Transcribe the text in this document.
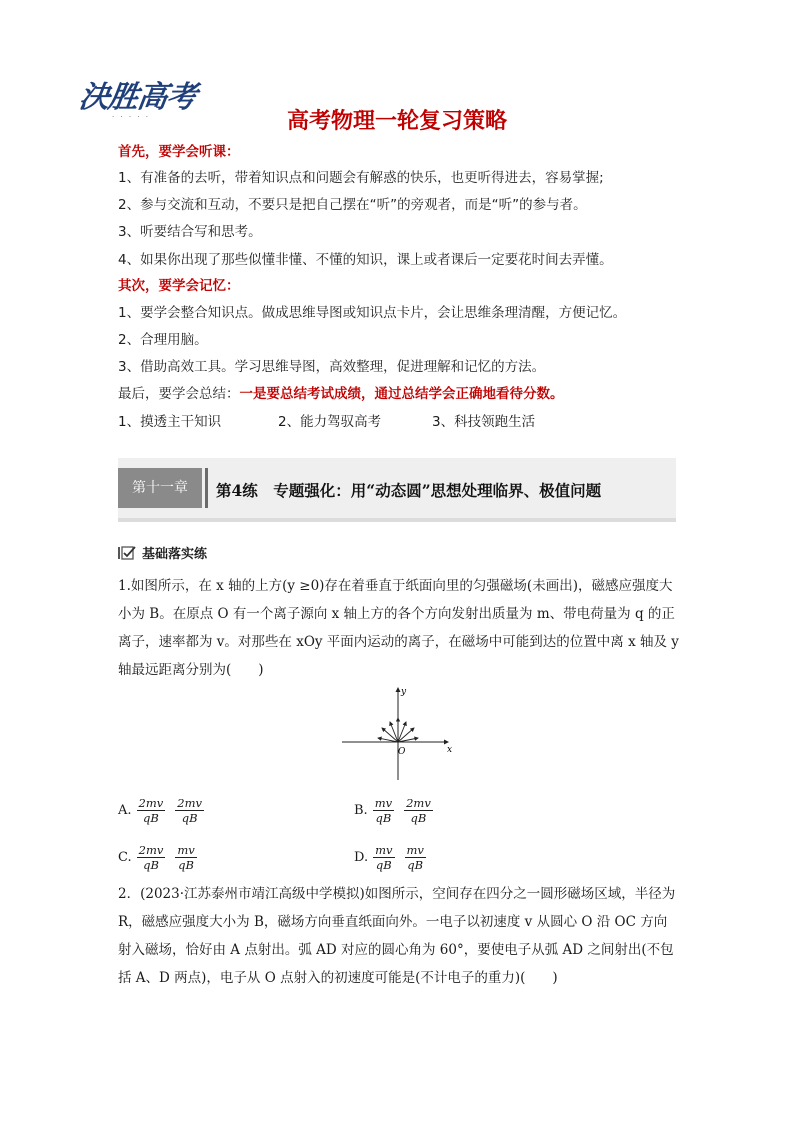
決胜高考
· · · · ·	高考物理一轮复习策略
首先，要学会听课：
1、有准备的去听，带着知识点和问题会有解惑的快乐，也更听得进去，容易掌握;
2、参与交流和互动，不要只是把自己摆在“听”的旁观者，而是“听”的参与者。
3、听要结合写和思考。
4、如果你出现了那些似懂非懂、不懂的知识，课上或者课后一定要花时间去弄懂。
其次，要学会记忆：
1、要学会整合知识点。做成思维导图或知识点卡片，会让思维条理清醒，方便记忆。
2、合理用脑。
3、借助高效工具。学习思维导图，高效整理，促进理解和记忆的方法。
最后，要学会总结：一是要总结考试成绩，通过总结学会正确地看待分数。
1、摸透主干知识	2、能力驾驭高考	3、科技领跑生活
第十一章	第4练　专题强化：用“动态圆”思想处理临界、极值问题
基础落实练
1.如图所示，在 x 轴的上方(y ≥0)存在着垂直于纸面向里的匀强磁场(未画出)，磁感应强度大
小为 B。在原点 O 有一个离子源向 x 轴上方的各个方向发射出质量为 m、带电荷量为 q 的正
离子，速率都为 v。对那些在 xOy 平面内运动的离子，在磁场中可能到达的位置中离 x 轴及 y
轴最远距离分别为(　　)
y
x
O
A. $\frac{2mv}{qB} \frac{2mv}{qB}$	B. $\frac{mv}{qB} \frac{2mv}{qB}$
C. $\frac{2mv}{qB} \frac{mv}{qB}$	D. $\frac{mv}{qB} \frac{mv}{qB}$
2．(2023·江苏泰州市靖江高级中学模拟)如图所示，空间存在四分之一圆形磁场区域，半径为
R，磁感应强度大小为 B，磁场方向垂直纸面向外。一电子以初速度 v 从圆心 O 沿 OC 方向
射入磁场，恰好由 A 点射出。弧 AD 对应的圆心角为 60°，要使电子从弧 AD 之间射出(不包
括 A、D 两点)，电子从 O 点射入的初速度可能是(不计电子的重力)(　　)
